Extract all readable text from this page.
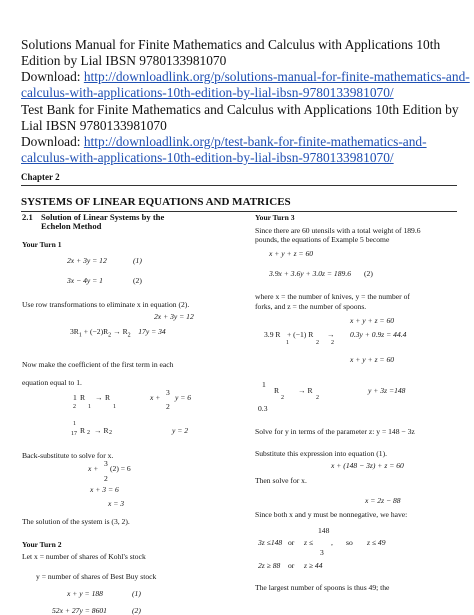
Solutions Manual for Finite Mathematics and Calculus with Applications 10th
Edition by Lial IBSN 9780133981070
Download: http://downloadlink.org/p/solutions-manual-for-finite-mathematics-and-
calculus-with-applications-10th-edition-by-lial-ibsn-9780133981070/
Test Bank for Finite Mathematics and Calculus with Applications 10th Edition by
Lial IBSN 9780133981070
Download: http://downloadlink.org/p/test-bank-for-finite-mathematics-and-
calculus-with-applications-10th-edition-by-lial-ibsn-9780133981070/
Chapter 2
SYSTEMS OF LINEAR EQUATIONS AND MATRICES
2.1 Solution of Linear Systems by the
Echelon Method
Your Turn 1
2x + 3y = 12	(1)
3x − 4y = 1	(2)
Use row transformations to eliminate x in equation (2).
2x + 3y = 12
$3R_1 + (-2)R_2 \to R_2$ 17y = 34
Now make the coefficient of the first term in each
equation equal to 1.
1 R → R	x +
3
y = 6
2 1	1	2
1
17 R 2 → R 2	y = 2
Back-substitute to solve for x.
x +
3
(2) = 6
2
x + 3 = 6
x = 3
The solution of the system is (3, 2).
Your Turn 2
Let x = number of shares of Kohl's stock
y = number of shares of Best Buy stock
x + y = 188	(1)
52x + 27y = 8601	(2)
Your Turn 3
Since there are 60 utensils with a total weight of 189.6
pounds, the equations of Example 5 become
x + y + z = 60
3.9x + 3.6y + 3.0z = 189.6 (2)
where x = the number of knives, y = the number of
forks, and z = the number of spoons.
x + y + z = 60
3.9 R + (−1) R → 0.3y + 0.9z = 44.4
1	2 2
x + y + z = 60
1
R → R	y + 3z =148
2	2
0.3
Solve for y in terms of the parameter z: y = 148 − 3z
Substitute this expression into equation (1).
x + (148 − 3z) + z = 60
Then solve for x.
x = 2z − 88
Since both x and y must be nonnegative, we have:
148
3z ≤148 or z ≤
3
, so z ≤ 49
2z ≥ 88 or z ≥ 44
The largest number of spoons is thus 49; the
